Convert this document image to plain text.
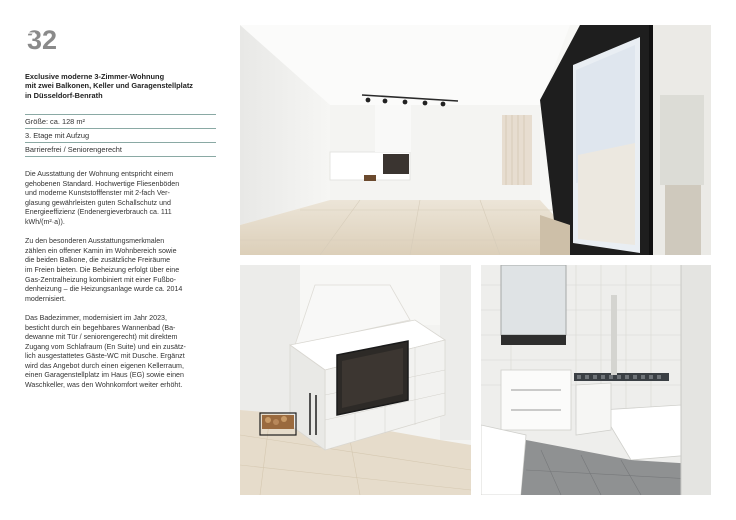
32
Exclusive moderne 3-Zimmer-Wohnung
mit zwei Balkonen, Keller und Garagenstellplatz
in Düsseldorf-Benrath
Größe: ca. 128 m²
3. Etage mit Aufzug
Barrierefrei / Seniorengerecht

Die Ausstattung der Wohnung entspricht einem
gehobenen Standard. Hochwertige Fliesenböden
und moderne Kunststofffenster mit 2-fach Ver-
glasung gewährleisten guten Schallschutz und
Energieeffizienz (Endenergieverbrauch ca. 111
kWh/(m²·a)).

Zu den besonderen Ausstattungsmerkmalen
zählen ein offener Kamin im Wohnbereich sowie
die beiden Balkone, die zusätzliche Freiräume
im Freien bieten. Die Beheizung erfolgt über eine
Gas-Zentralheizung kombiniert mit einer Fußbo-
denheizung – die Heizungsanlage wurde ca. 2014
modernisiert.

Das Badezimmer, modernisiert im Jahr 2023,
besticht durch ein begehbares Wannenbad (Ba-
dewanne mit Tür / seniorengerecht) mit direktem
Zugang vom Schlafraum (En Suite) und ein zusätz-
lich ausgestattetes Gäste-WC mit Dusche. Ergänzt
wird das Angebot durch einen eigenen Kellerraum,
einen Garagenstellplatz im Haus (EG) sowie einen
Waschkeller, was den Wohnkomfort weiter erhöht.
